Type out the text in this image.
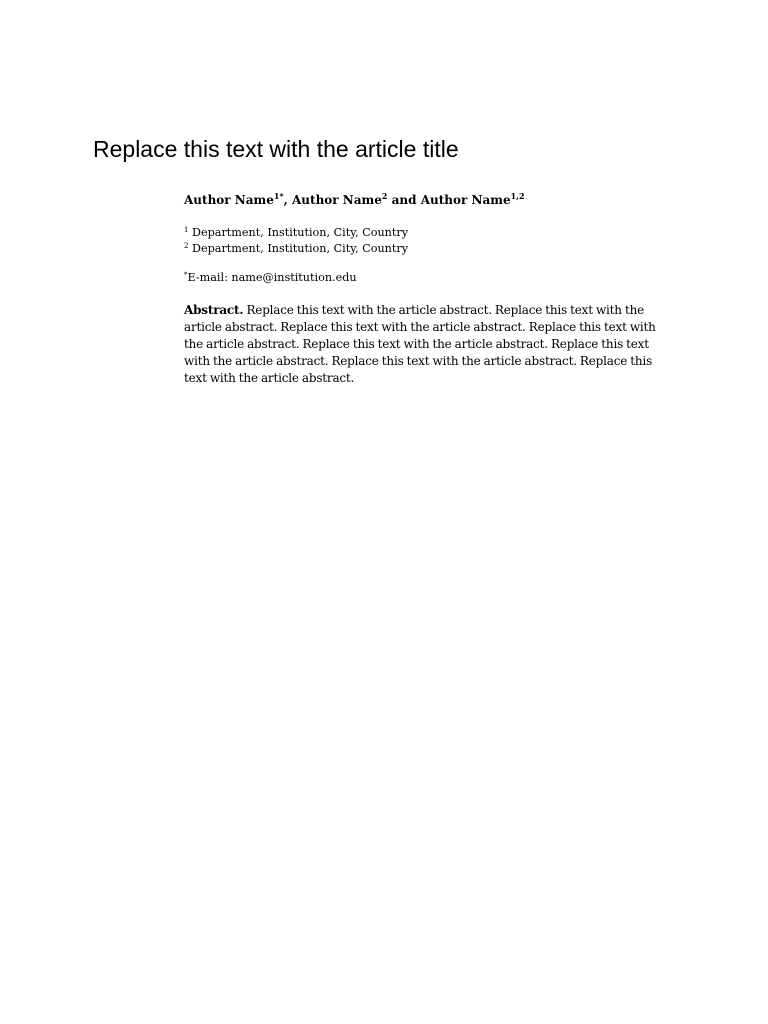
Replace this text with the article title
Author Name$^{1*}$, Author Name$^2$ and Author Name$^{1,2}$
$^1$ Department, Institution, City, Country
$^2$ Department, Institution, City, Country
*E-mail: name@institution.edu
Abstract. Replace this text with the article abstract. Replace this text with the article abstract. Replace this text with the article abstract. Replace this text with the article abstract. Replace this text with the article abstract. Replace this text with the article abstract. Replace this text with the article abstract. Replace this text with the article abstract.
